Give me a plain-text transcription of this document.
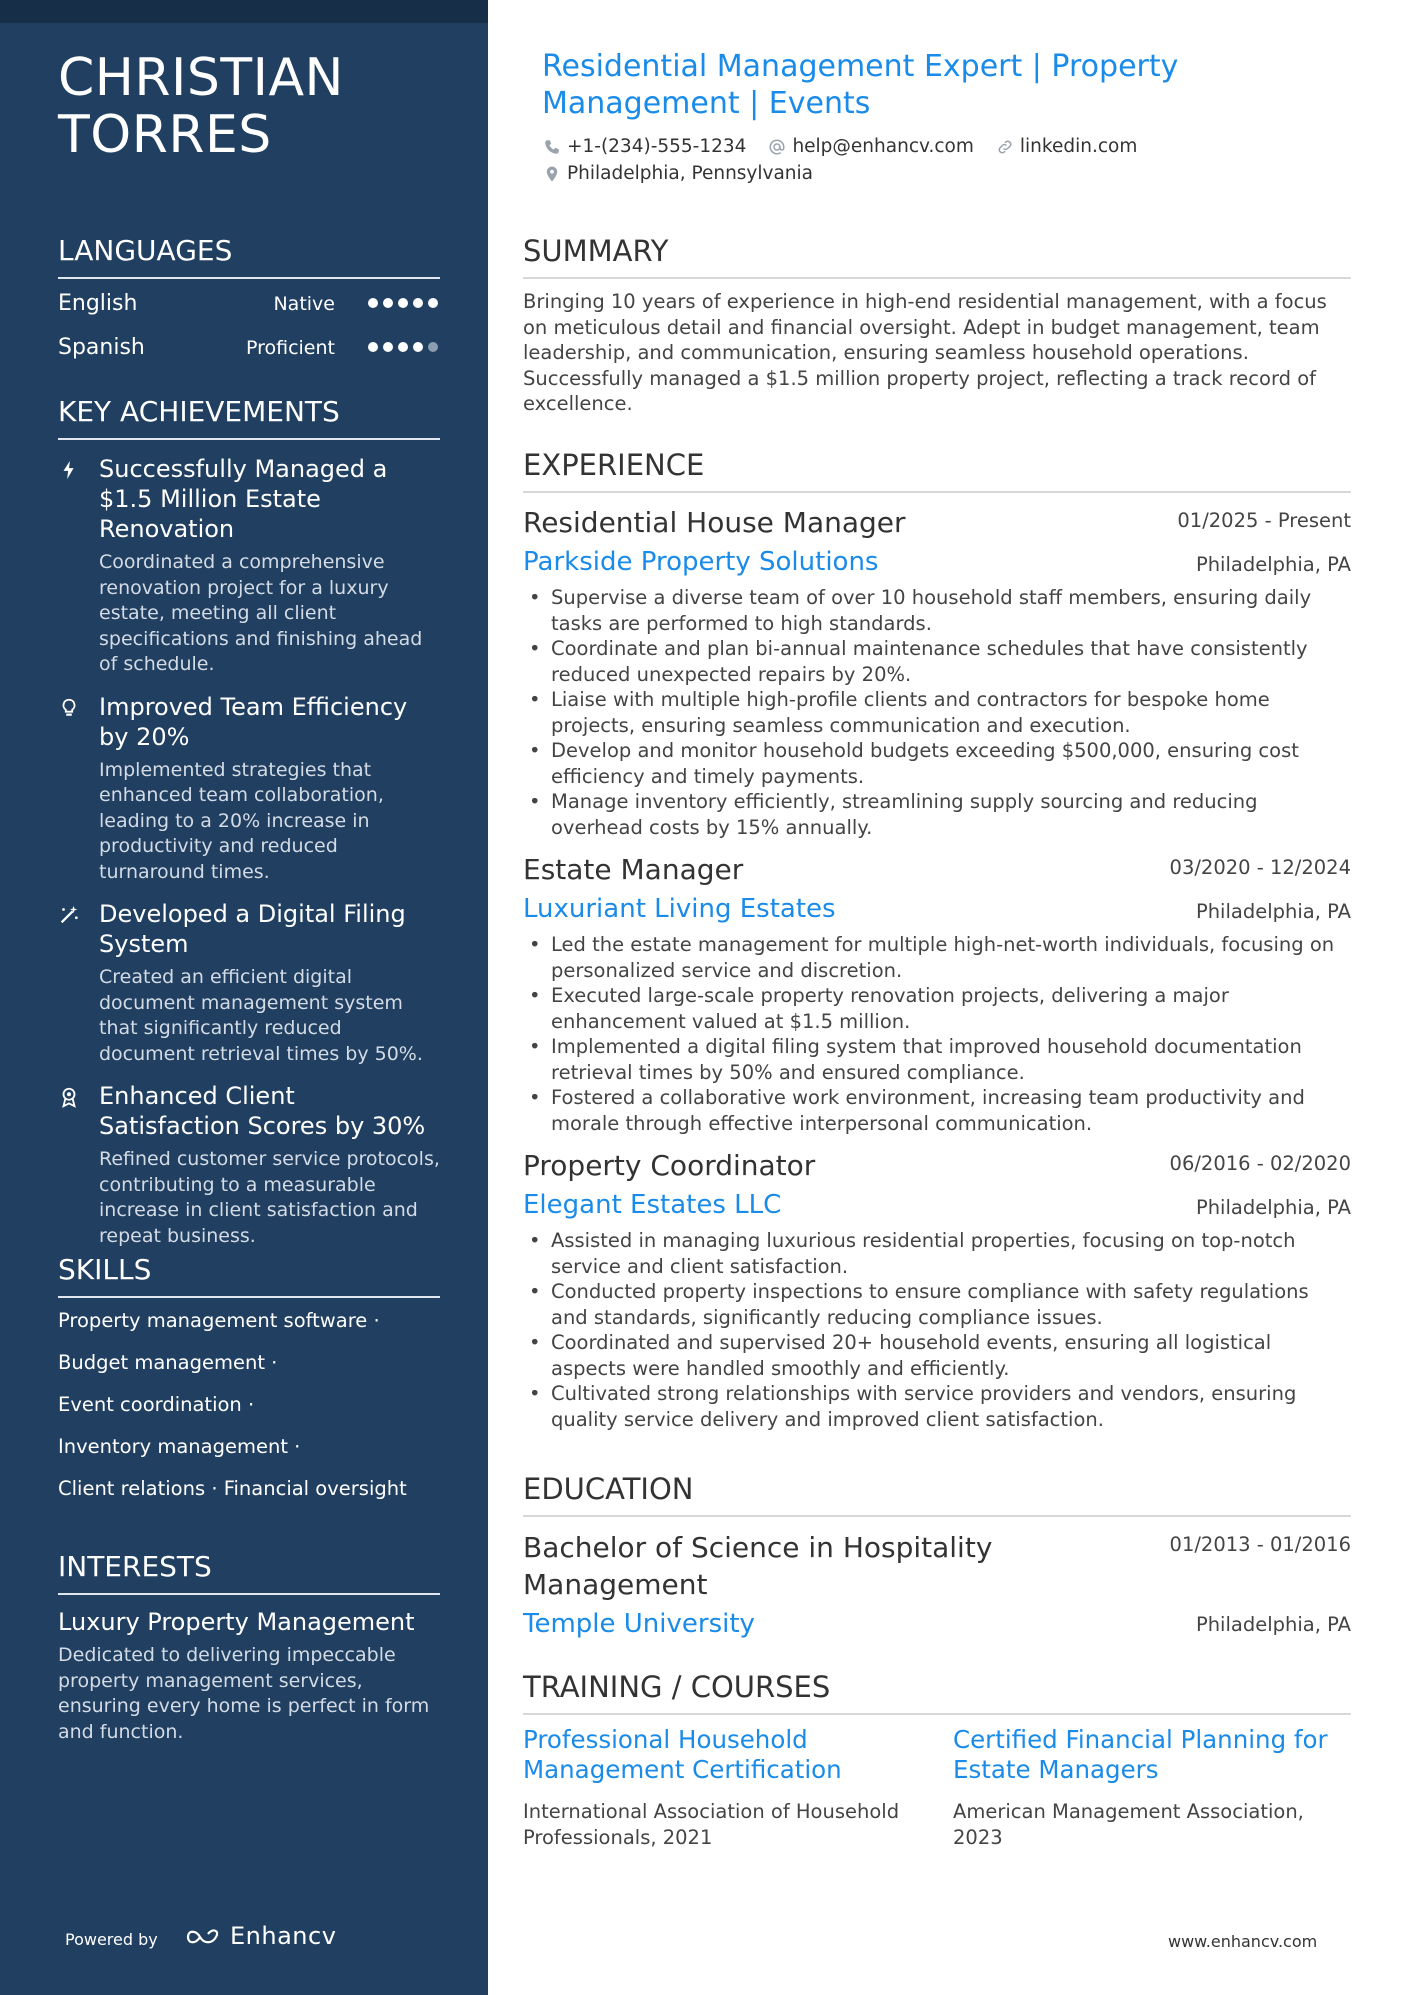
CHRISTIAN TORRES
LANGUAGES
English	Native
Spanish	Proficient
KEY ACHIEVEMENTS
Successfully Managed a $1.5 Million Estate Renovation
Coordinated a comprehensive renovation project for a luxury estate, meeting all client specifications and finishing ahead of schedule.
Improved Team Efficiency by 20%
Implemented strategies that enhanced team collaboration, leading to a 20% increase in productivity and reduced turnaround times.
Developed a Digital Filing System
Created an efficient digital document management system that significantly reduced document retrieval times by 50%.
Enhanced Client Satisfaction Scores by 30%
Refined customer service protocols, contributing to a measurable increase in client satisfaction and repeat business.
SKILLS
Property management software ·
Budget management ·
Event coordination ·
Inventory management ·
Client relations · Financial oversight
INTERESTS
Luxury Property Management
Dedicated to delivering impeccable property management services, ensuring every home is perfect in form and function.
Powered by	Enhancv
Residential Management Expert | Property Management | Events
+1-(234)-555-1234 help@enhancv.com linkedin.com
Philadelphia, Pennsylvania
SUMMARY
Bringing 10 years of experience in high-end residential management, with a focus on meticulous detail and financial oversight. Adept in budget management, team leadership, and communication, ensuring seamless household operations. Successfully managed a $1.5 million property project, reflecting a track record of excellence.
EXPERIENCE
Residential House Manager	01/2025 - Present
Parkside Property Solutions	Philadelphia, PA
• Supervise a diverse team of over 10 household staff members, ensuring daily tasks are performed to high standards.
• Coordinate and plan bi-annual maintenance schedules that have consistently reduced unexpected repairs by 20%.
• Liaise with multiple high-profile clients and contractors for bespoke home projects, ensuring seamless communication and execution.
• Develop and monitor household budgets exceeding $500,000, ensuring cost efficiency and timely payments.
• Manage inventory efficiently, streamlining supply sourcing and reducing overhead costs by 15% annually.
Estate Manager	03/2020 - 12/2024
Luxuriant Living Estates	Philadelphia, PA
• Led the estate management for multiple high-net-worth individuals, focusing on personalized service and discretion.
• Executed large-scale property renovation projects, delivering a major enhancement valued at $1.5 million.
• Implemented a digital filing system that improved household documentation retrieval times by 50% and ensured compliance.
• Fostered a collaborative work environment, increasing team productivity and morale through effective interpersonal communication.
Property Coordinator	06/2016 - 02/2020
Elegant Estates LLC	Philadelphia, PA
• Assisted in managing luxurious residential properties, focusing on top-notch service and client satisfaction.
• Conducted property inspections to ensure compliance with safety regulations and standards, significantly reducing compliance issues.
• Coordinated and supervised 20+ household events, ensuring all logistical aspects were handled smoothly and efficiently.
• Cultivated strong relationships with service providers and vendors, ensuring quality service delivery and improved client satisfaction.
EDUCATION
Bachelor of Science in Hospitality Management
01/2013 - 01/2016
Temple University	Philadelphia, PA
TRAINING / COURSES
Professional Household Management Certification
International Association of Household Professionals, 2021
Certified Financial Planning for Estate Managers
American Management Association, 2023
www.enhancv.com
